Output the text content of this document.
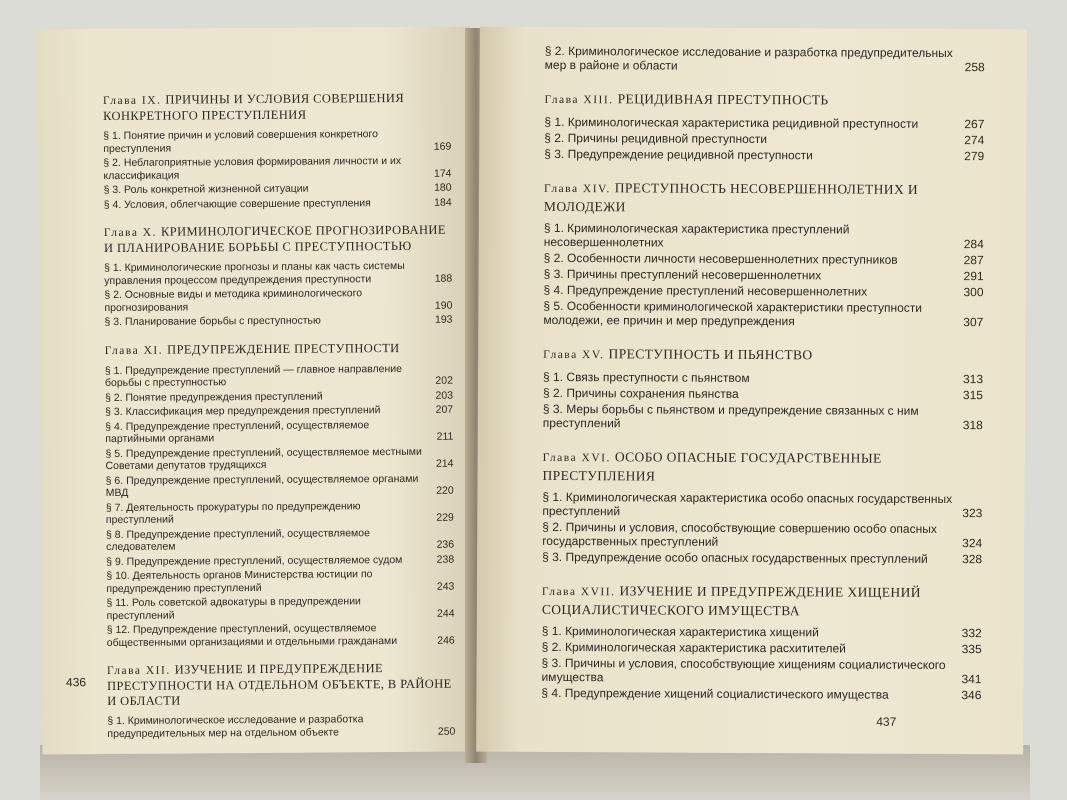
Глава IX. ПРИЧИНЫ И УСЛОВИЯ СОВЕРШЕНИЯ КОНКРЕТНОГО ПРЕСТУПЛЕНИЯ
§ 1. Понятие причин и условий совершения конкретного преступления	169
§ 2. Неблагоприятные условия формирования личности и их классификация	174
§ 3. Роль конкретной жизненной ситуации	180
§ 4. Условия, облегчающие совершение преступления	184
Глава X. КРИМИНОЛОГИЧЕСКОЕ ПРОГНОЗИРОВАНИЕ И ПЛАНИРОВАНИЕ БОРЬБЫ С ПРЕСТУПНОСТЬЮ
§ 1. Криминологические прогнозы и планы как часть системы управления процессом предупреждения преступности	188
§ 2. Основные виды и методика криминологического прогнозирования	190
§ 3. Планирование борьбы с преступностью	193
Глава XI. ПРЕДУПРЕЖДЕНИЕ ПРЕСТУПНОСТИ
§ 1. Предупреждение преступлений — главное направление борьбы с преступностью	202
§ 2. Понятие предупреждения преступлений	203
§ 3. Классификация мер предупреждения преступлений	207
§ 4. Предупреждение преступлений, осуществляемое партийными органами	211
§ 5. Предупреждение преступлений, осуществляемое местными Советами депутатов трудящихся	214
§ 6. Предупреждение преступлений, осуществляемое органами МВД	220
§ 7. Деятельность прокуратуры по предупреждению преступлений	229
§ 8. Предупреждение преступлений, осуществляемое следователем	236
§ 9. Предупреждение преступлений, осуществляемое судом	238
§ 10. Деятельность органов Министерства юстиции по предупреждению преступлений	243
§ 11. Роль советской адвокатуры в предупреждении преступлений	244
§ 12. Предупреждение преступлений, осуществляемое общественными организациями и отдельными гражданами	246
Глава XII. ИЗУЧЕНИЕ И ПРЕДУПРЕЖДЕНИЕ ПРЕСТУПНОСТИ НА ОТДЕЛЬНОМ ОБЪЕКТЕ, В РАЙОНЕ И ОБЛАСТИ
§ 1. Криминологическое исследование и разработка предупредительных мер на отдельном объекте	250
436
§ 2. Криминологическое исследование и разработка предупредительных мер в районе и области	258
Глава XIII. РЕЦИДИВНАЯ ПРЕСТУПНОСТЬ
§ 1. Криминологическая характеристика рецидивной преступности	267
§ 2. Причины рецидивной преступности	274
§ 3. Предупреждение рецидивной преступности	279
Глава XIV. ПРЕСТУПНОСТЬ НЕСОВЕРШЕННОЛЕТНИХ И МОЛОДЕЖИ
§ 1. Криминологическая характеристика преступлений несовершеннолетних	284
§ 2. Особенности личности несовершеннолетних преступников	287
§ 3. Причины преступлений несовершеннолетних	291
§ 4. Предупреждение преступлений несовершеннолетних	300
§ 5. Особенности криминологической характеристики преступности молодежи, ее причин и мер предупреждения	307
Глава XV. ПРЕСТУПНОСТЬ И ПЬЯНСТВО
§ 1. Связь преступности с пьянством	313
§ 2. Причины сохранения пьянства	315
§ 3. Меры борьбы с пьянством и предупреждение связанных с ним преступлений	318
Глава XVI. ОСОБО ОПАСНЫЕ ГОСУДАРСТВЕННЫЕ ПРЕСТУПЛЕНИЯ
§ 1. Криминологическая характеристика особо опасных государственных преступлений	323
§ 2. Причины и условия, способствующие совершению особо опасных государственных преступлений	324
§ 3. Предупреждение особо опасных государственных преступлений	328
Глава XVII. ИЗУЧЕНИЕ И ПРЕДУПРЕЖДЕНИЕ ХИЩЕНИЙ СОЦИАЛИСТИЧЕСКОГО ИМУЩЕСТВА
§ 1. Криминологическая характеристика хищений	332
§ 2. Криминологическая характеристика расхитителей	335
§ 3. Причины и условия, способствующие хищениям социалистического имущества	341
§ 4. Предупреждение хищений социалистического имущества	346
437
